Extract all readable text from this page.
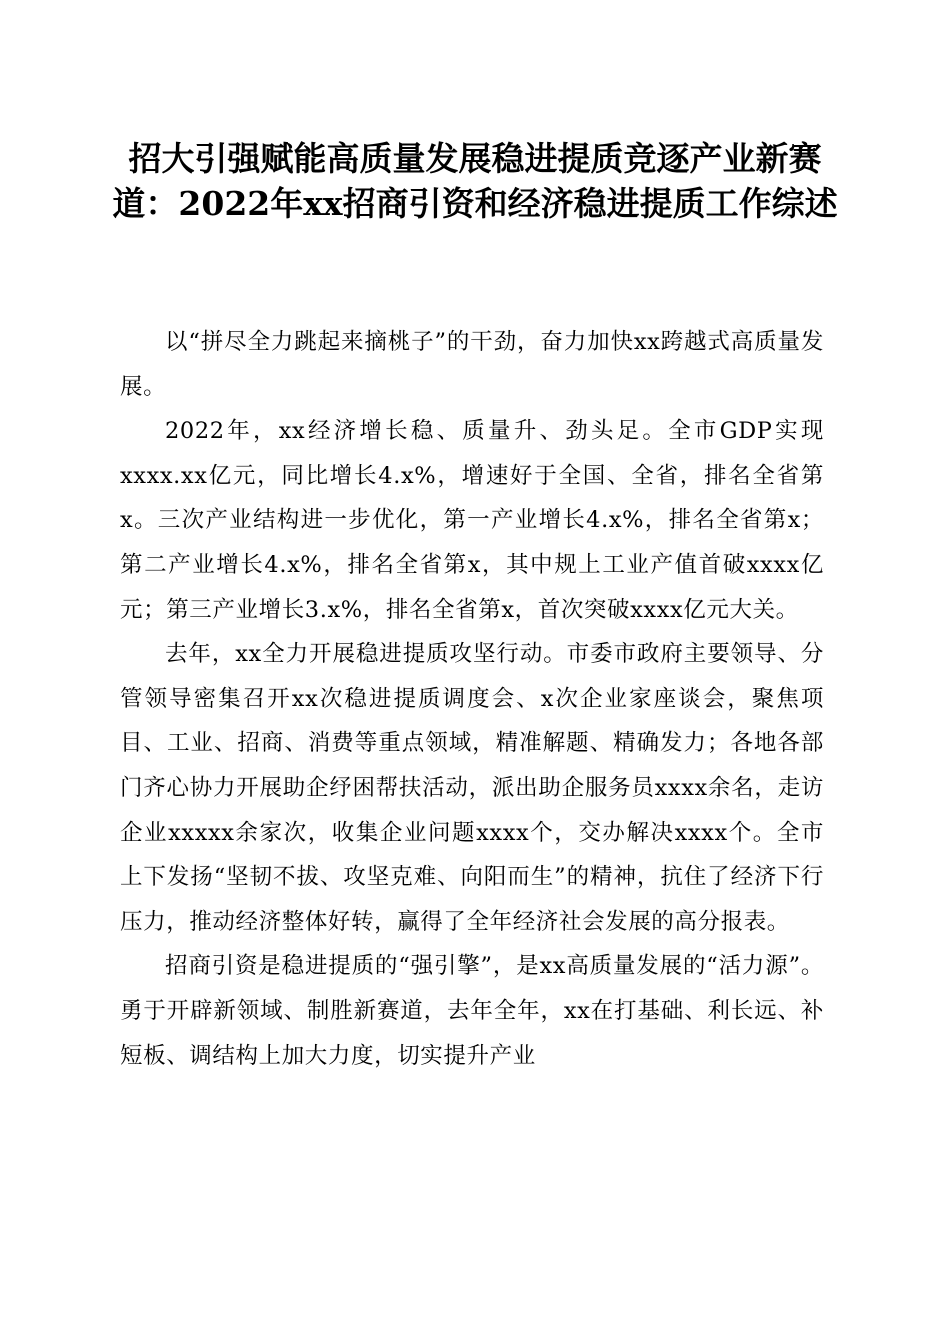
招大引强赋能高质量发展稳进提质竞逐产业新赛道：2022年xx招商引资和经济稳进提质工作综述

以“拼尽全力跳起来摘桃子”的干劲，奋力加快xx跨越式高质量发展。

2022年，xx经济增长稳、质量升、劲头足。全市GDP实现xxxx.xx亿元，同比增长4.x%，增速好于全国、全省，排名全省第x。三次产业结构进一步优化，第一产业增长4.x%，排名全省第x；第二产业增长4.x%，排名全省第x，其中规上工业产值首破xxxx亿元；第三产业增长3.x%，排名全省第x，首次突破xxxx亿元大关。

去年，xx全力开展稳进提质攻坚行动。市委市政府主要领导、分管领导密集召开xx次稳进提质调度会、x次企业家座谈会，聚焦项目、工业、招商、消费等重点领域，精准解题、精确发力；各地各部门齐心协力开展助企纾困帮扶活动，派出助企服务员xxxx余名，走访企业xxxxx余家次，收集企业问题xxxx个，交办解决xxxx个。全市上下发扬“坚韧不拔、攻坚克难、向阳而生”的精神，抗住了经济下行压力，推动经济整体好转，赢得了全年经济社会发展的高分报表。

招商引资是稳进提质的“强引擎”，是xx高质量发展的“活力源”。勇于开辟新领域、制胜新赛道，去年全年，xx在打基础、利长远、补短板、调结构上加大力度，切实提升产业
